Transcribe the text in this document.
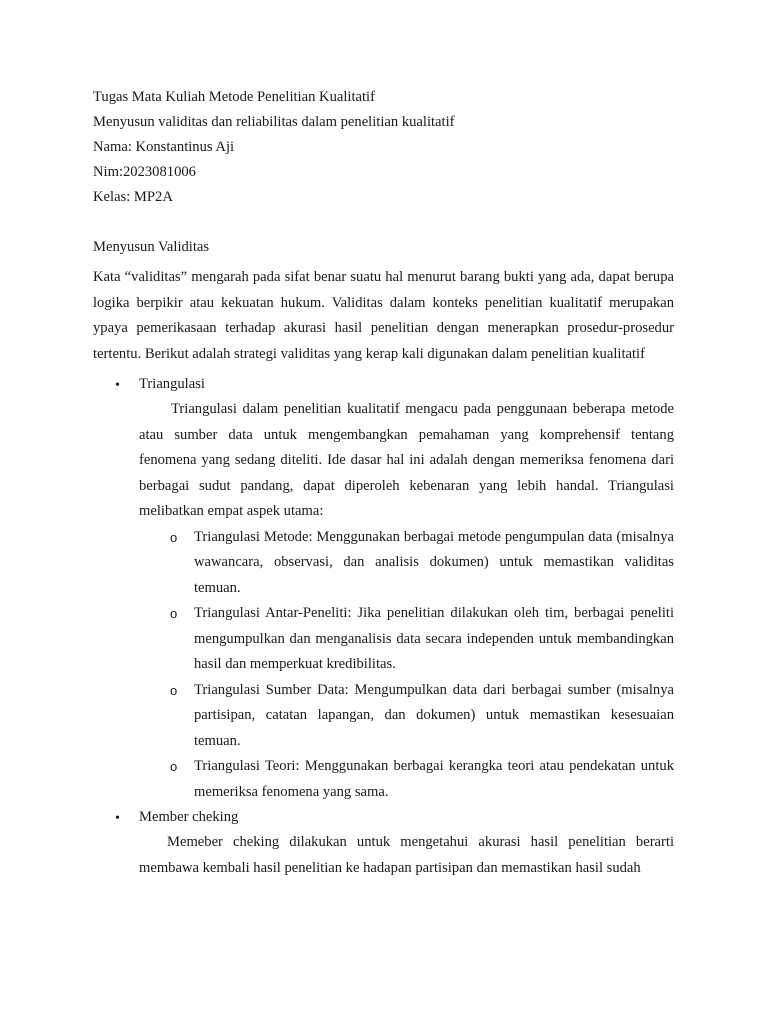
Tugas Mata Kuliah Metode Penelitian Kualitatif

Menyusun validitas dan reliabilitas dalam penelitian kualitatif

Nama: Konstantinus Aji

Nim:2023081006

Kelas: MP2A

Menyusun Validitas

Kata “validitas” mengarah pada sifat benar suatu hal menurut barang bukti yang ada, dapat berupa logika berpikir atau kekuatan hukum. Validitas dalam konteks penelitian kualitatif merupakan ypaya pemerikasaan terhadap akurasi hasil penelitian dengan menerapkan prosedur-prosedur tertentu. Berikut adalah strategi validitas yang kerap kali digunakan dalam penelitian kualitatif

• Triangulasi

Triangulasi dalam penelitian kualitatif mengacu pada penggunaan beberapa metode atau sumber data untuk mengembangkan pemahaman yang komprehensif tentang fenomena yang sedang diteliti. Ide dasar hal ini adalah dengan memeriksa fenomena dari berbagai sudut pandang, dapat diperoleh kebenaran yang lebih handal. Triangulasi melibatkan empat aspek utama:

o Triangulasi Metode: Menggunakan berbagai metode pengumpulan data (misalnya wawancara, observasi, dan analisis dokumen) untuk memastikan validitas temuan.
o Triangulasi Antar-Peneliti: Jika penelitian dilakukan oleh tim, berbagai peneliti mengumpulkan dan menganalisis data secara independen untuk membandingkan hasil dan memperkuat kredibilitas.
o Triangulasi Sumber Data: Mengumpulkan data dari berbagai sumber (misalnya partisipan, catatan lapangan, dan dokumen) untuk memastikan kesesuaian temuan.
o Triangulasi Teori: Menggunakan berbagai kerangka teori atau pendekatan untuk memeriksa fenomena yang sama.
• Member cheking

Memeber cheking dilakukan untuk mengetahui akurasi hasil penelitian berarti membawa kembali hasil penelitian ke hadapan partisipan dan memastikan hasil sudah
